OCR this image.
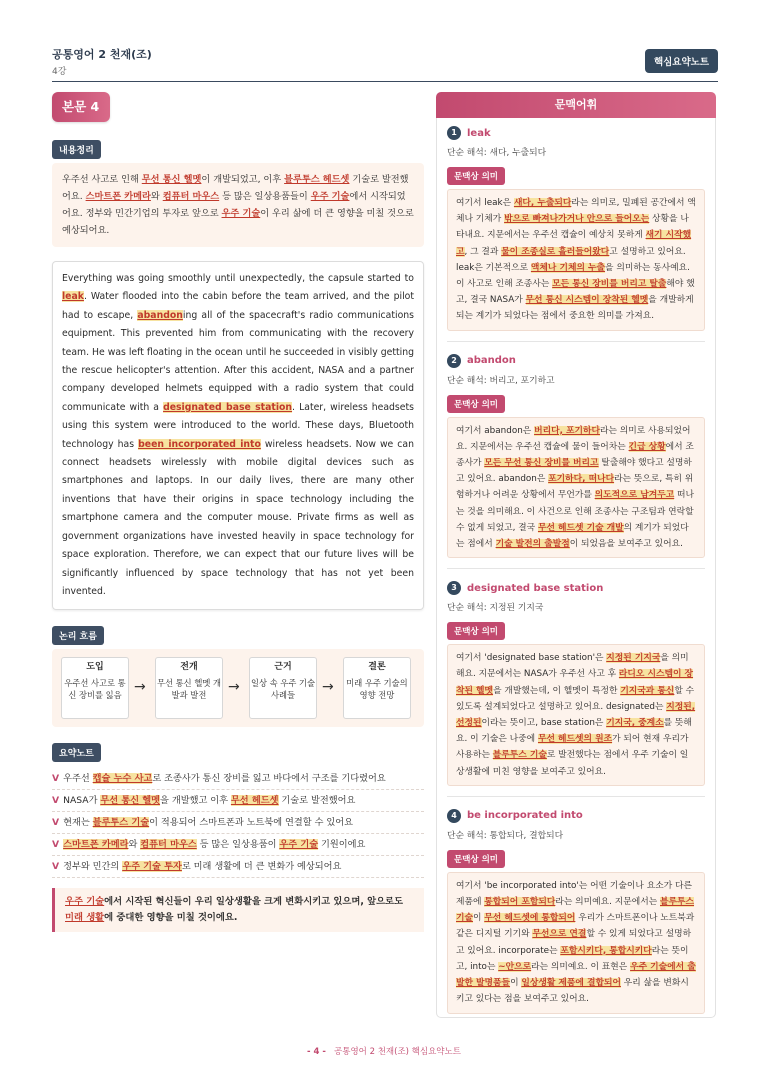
공통영어 2 천재(조)
4강
핵심요약노트
본문 4
내용정리
우주선 사고로 인해 무선 통신 헬멧이 개발되었고, 이후 블루투스 헤드셋 기술로 발전했어요. 스마트폰 카메라와 컴퓨터 마우스 등 많은 일상용품들이 우주 기술에서 시작되었어요. 정부와 민간기업의 투자로 앞으로 우주 기술이 우리 삶에 더 큰 영향을 미칠 것으로 예상되어요.
Everything was going smoothly until unexpectedly, the capsule started to leak. Water flooded into the cabin before the team arrived, and the pilot had to escape, abandoning all of the spacecraft's radio communications equipment. This prevented him from communicating with the recovery team. He was left floating in the ocean until he succeeded in visibly getting the rescue helicopter's attention. After this accident, NASA and a partner company developed helmets equipped with a radio system that could communicate with a designated base station. Later, wireless headsets using this system were introduced to the world. These days, Bluetooth technology has been incorporated into wireless headsets. Now we can connect headsets wirelessly with mobile digital devices such as smartphones and laptops. In our daily lives, there are many other inventions that have their origins in space technology including the smartphone camera and the computer mouse. Private firms as well as government organizations have invested heavily in space technology for space exploration. Therefore, we can expect that our future lives will be significantly influenced by space technology that has not yet been invented.
논리 흐름
도입
우주선 사고로 통신 장비를 잃음 →
전개
무선 통신 헬멧 개발과 발전	→
근거
일상 속 우주 기술 사례들	→
결론
미래 우주 기술의 영향 전망
요약노트
V 우주선 캡슐 누수 사고로 조종사가 통신 장비를 잃고 바다에서 구조를 기다렸어요
V NASA가 무선 통신 헬멧을 개발했고 이후 무선 헤드셋 기술로 발전했어요
V 현재는 블루투스 기술이 적용되어 스마트폰과 노트북에 연결할 수 있어요
V 스마트폰 카메라와 컴퓨터 마우스 등 많은 일상용품이 우주 기술 기원이에요
V 정부와 민간의 우주 기술 투자로 미래 생활에 더 큰 변화가 예상되어요
우주 기술에서 시작된 혁신들이 우리 일상생활을 크게 변화시키고 있으며, 앞으로도 미래 생활에 중대한 영향을 미칠 것이에요.
문맥어휘
1	leak
단순 해석: 새다, 누출되다
문맥상 의미
여기서 leak은 새다, 누출되다라는 의미로, 밀폐된 공간에서 액체나 기체가 밖으로 빠져나가거나 안으로 들어오는 상황을 나타내요. 지문에서는 우주선 캡슐이 예상치 못하게 새기 시작했고, 그 결과 물이 조종실로 흘러들어왔다고 설명하고 있어요. leak은 기본적으로 액체나 기체의 누출을 의미하는 동사예요. 이 사고로 인해 조종사는 모든 통신 장비를 버리고 탈출해야 했고, 결국 NASA가 무선 통신 시스템이 장착된 헬멧을 개발하게 되는 계기가 되었다는 점에서 중요한 의미를 가져요.
2	abandon
단순 해석: 버리고, 포기하고
문맥상 의미
여기서 abandon은 버리다, 포기하다라는 의미로 사용되었어요. 지문에서는 우주선 캡슐에 물이 들어차는 긴급 상황에서 조종사가 모든 무선 통신 장비를 버리고 탈출해야 했다고 설명하고 있어요. abandon은 포기하다, 떠나다라는 뜻으로, 특히 위험하거나 어려운 상황에서 무언가를 의도적으로 남겨두고 떠나는 것을 의미해요. 이 사건으로 인해 조종사는 구조팀과 연락할 수 없게 되었고, 결국 무선 헤드셋 기술 개발의 계기가 되었다는 점에서 기술 발전의 출발점이 되었음을 보여주고 있어요.
3	designated base station
단순 해석: 지정된 기지국
문맥상 의미
여기서 'designated base station'은 지정된 기지국을 의미해요. 지문에서는 NASA가 우주선 사고 후 라디오 시스템이 장착된 헬멧을 개발했는데, 이 헬멧이 특정한 기지국과 통신할 수 있도록 설계되었다고 설명하고 있어요. designated는 지정된, 선정된이라는 뜻이고, base station은 기지국, 중계소를 뜻해요. 이 기술은 나중에 무선 헤드셋의 원조가 되어 현재 우리가 사용하는 블루투스 기술로 발전했다는 점에서 우주 기술이 일상생활에 미친 영향을 보여주고 있어요.
4	be incorporated into
단순 해석: 통합되다, 결합되다
문맥상 의미
여기서 'be incorporated into'는 어떤 기술이나 요소가 다른 제품에 통합되어 포함되다라는 의미예요. 지문에서는 블루투스 기술이 무선 헤드셋에 통합되어 우리가 스마트폰이나 노트북과 같은 디지털 기기와 무선으로 연결할 수 있게 되었다고 설명하고 있어요. incorporate는 포함시키다, 통합시키다라는 뜻이고, into는 ~안으로라는 의미예요. 이 표현은 우주 기술에서 출발한 발명품들이 일상생활 제품에 결합되어 우리 삶을 변화시키고 있다는 점을 보여주고 있어요.
- 4 - 공통영어 2 천재(조) 핵심요약노트
